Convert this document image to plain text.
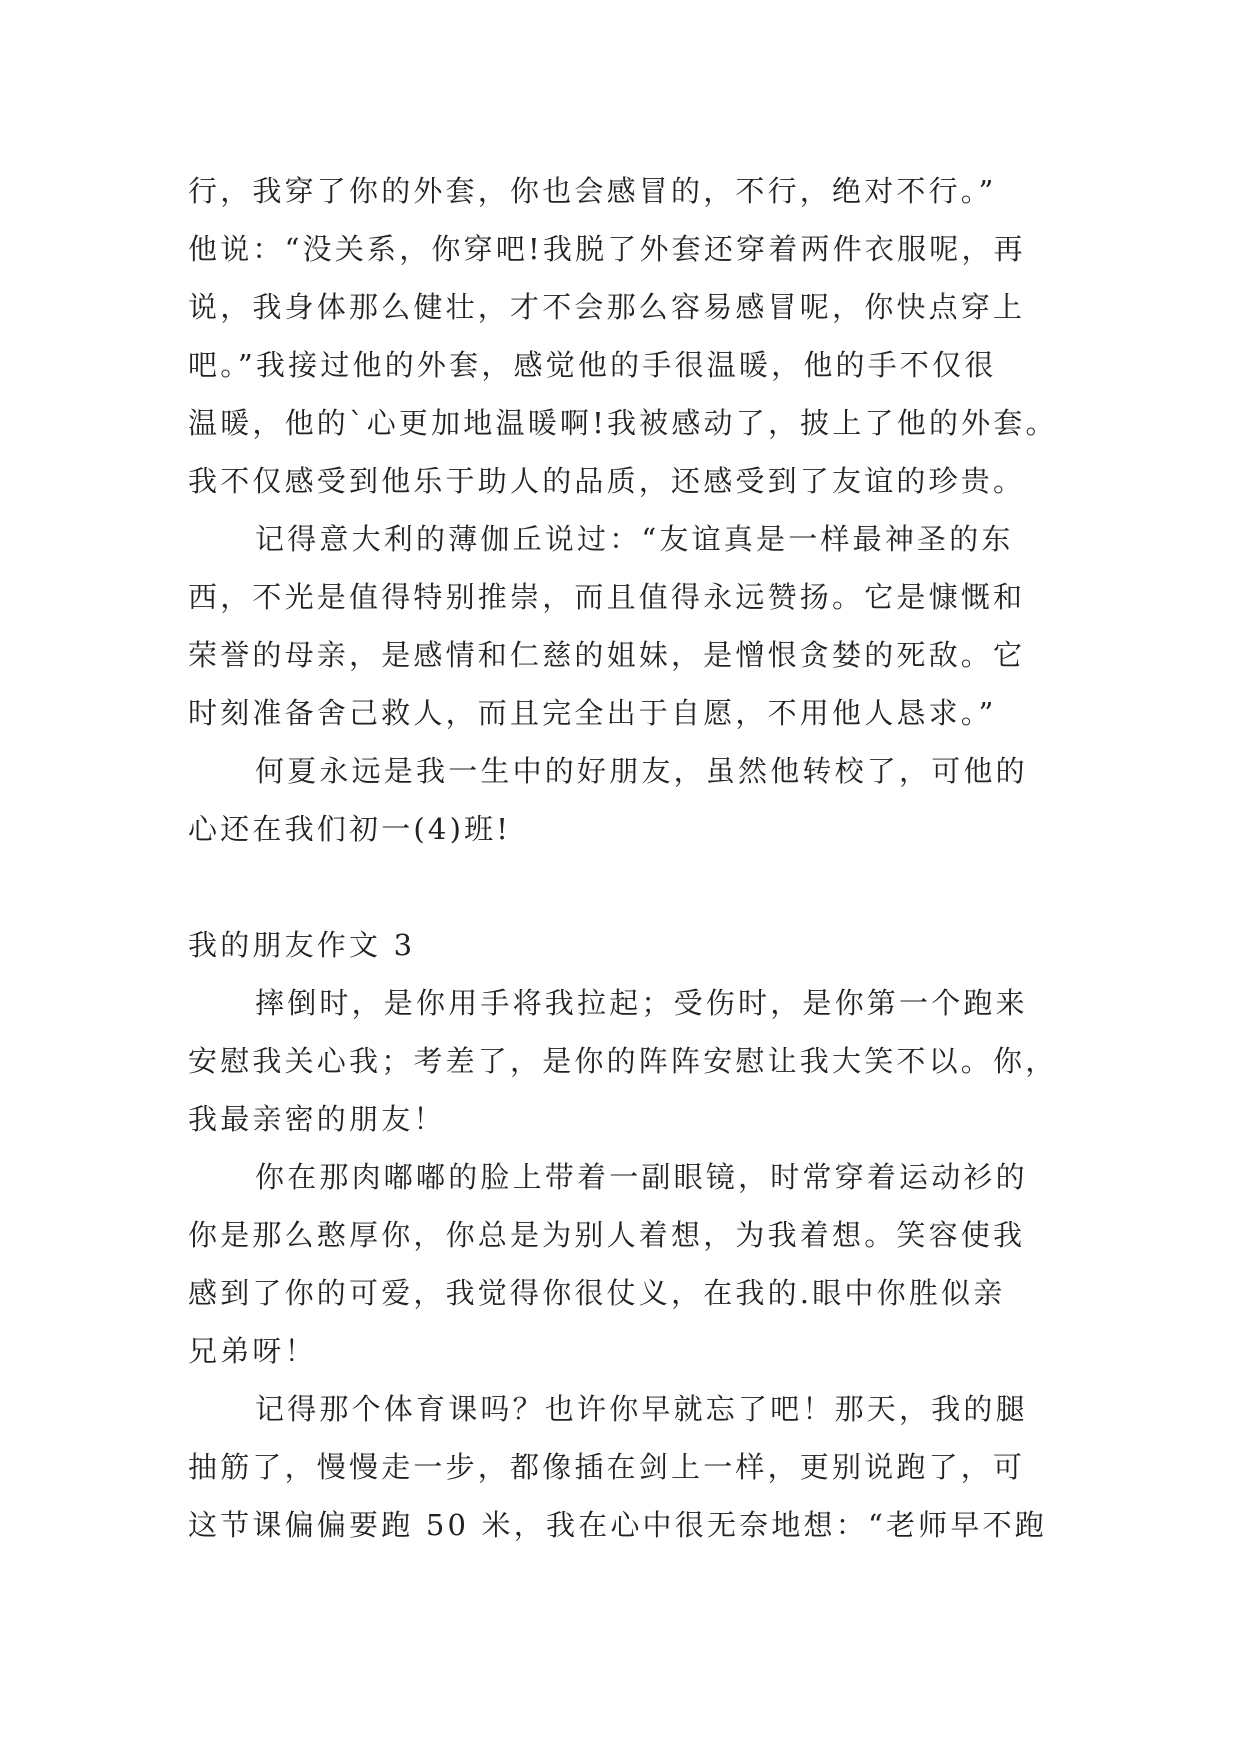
行，我穿了你的外套，你也会感冒的，不行，绝对不行。”
他说：“没关系，你穿吧!我脱了外套还穿着两件衣服呢，再
说，我身体那么健壮，才不会那么容易感冒呢，你快点穿上
吧。”我接过他的外套，感觉他的手很温暖，他的手不仅很
温暖，他的`心更加地温暖啊!我被感动了，披上了他的外套。
我不仅感受到他乐于助人的品质，还感受到了友谊的珍贵。
记得意大利的薄伽丘说过：“友谊真是一样最神圣的东
西，不光是值得特别推崇，而且值得永远赞扬。它是慷慨和
荣誉的母亲，是感情和仁慈的姐妹，是憎恨贪婪的死敌。它
时刻准备舍己救人，而且完全出于自愿，不用他人恳求。”
何夏永远是我一生中的好朋友，虽然他转校了，可他的
心还在我们初一(4)班!
我的朋友作文 3
摔倒时，是你用手将我拉起；受伤时，是你第一个跑来
安慰我关心我；考差了，是你的阵阵安慰让我大笑不以。你，
我最亲密的朋友！
你在那肉嘟嘟的脸上带着一副眼镜，时常穿着运动衫的
你是那么憨厚你，你总是为别人着想，为我着想。笑容使我
感到了你的可爱，我觉得你很仗义，在我的.眼中你胜似亲
兄弟呀！
记得那个体育课吗？也许你早就忘了吧！那天，我的腿
抽筋了，慢慢走一步，都像插在剑上一样，更别说跑了，可
这节课偏偏要跑 50 米，我在心中很无奈地想：“老师早不跑
